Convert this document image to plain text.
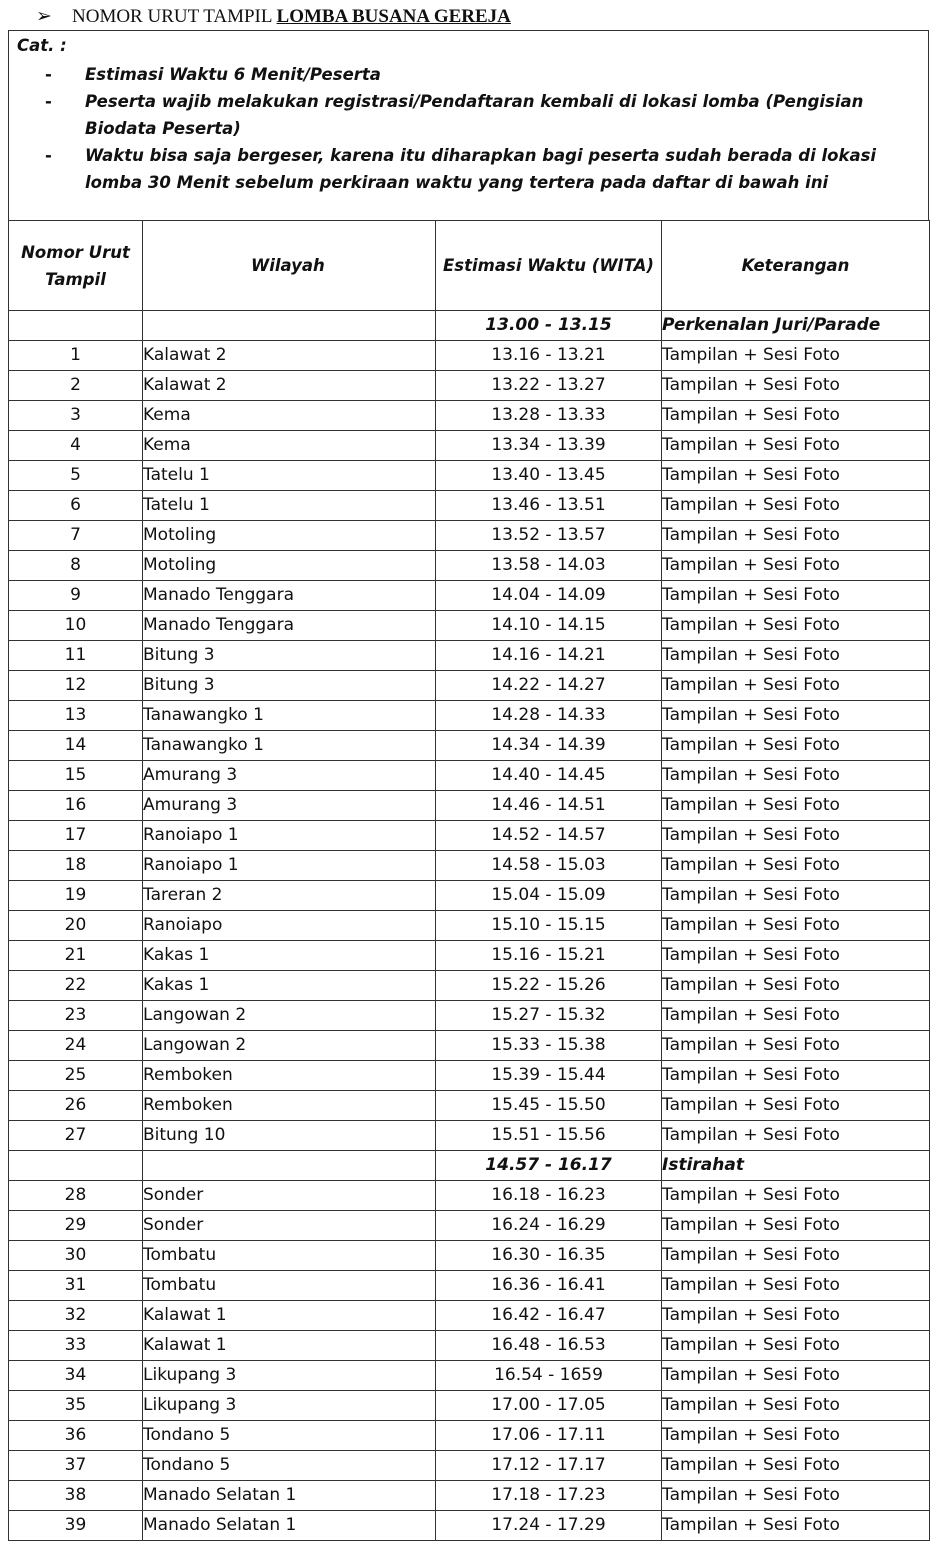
➢ NOMOR URUT TAMPIL LOMBA BUSANA GEREJA
Cat. :
- Estimasi Waktu 6 Menit/Peserta
- Peserta wajib melakukan registrasi/Pendaftaran kembali di lokasi lomba (Pengisian Biodata Peserta)
- Waktu bisa saja bergeser, karena itu diharapkan bagi peserta sudah berada di lokasi lomba 30 Menit sebelum perkiraan waktu yang tertera pada daftar di bawah ini
Nomor Urut Tampil	Wilayah	Estimasi Waktu (WITA)	Keterangan
		13.00 - 13.15	Perkenalan Juri/Parade
1	Kalawat 2	13.16 - 13.21	Tampilan + Sesi Foto
2	Kalawat 2	13.22 - 13.27	Tampilan + Sesi Foto
3	Kema	13.28 - 13.33	Tampilan + Sesi Foto
4	Kema	13.34 - 13.39	Tampilan + Sesi Foto
5	Tatelu 1	13.40 - 13.45	Tampilan + Sesi Foto
6	Tatelu 1	13.46 - 13.51	Tampilan + Sesi Foto
7	Motoling	13.52 - 13.57	Tampilan + Sesi Foto
8	Motoling	13.58 - 14.03	Tampilan + Sesi Foto
9	Manado Tenggara	14.04 - 14.09	Tampilan + Sesi Foto
10	Manado Tenggara	14.10 - 14.15	Tampilan + Sesi Foto
11	Bitung 3	14.16 - 14.21	Tampilan + Sesi Foto
12	Bitung 3	14.22 - 14.27	Tampilan + Sesi Foto
13	Tanawangko 1	14.28 - 14.33	Tampilan + Sesi Foto
14	Tanawangko 1	14.34 - 14.39	Tampilan + Sesi Foto
15	Amurang 3	14.40 - 14.45	Tampilan + Sesi Foto
16	Amurang 3	14.46 - 14.51	Tampilan + Sesi Foto
17	Ranoiapo 1	14.52 - 14.57	Tampilan + Sesi Foto
18	Ranoiapo 1	14.58 - 15.03	Tampilan + Sesi Foto
19	Tareran 2	15.04 - 15.09	Tampilan + Sesi Foto
20	Ranoiapo	15.10 - 15.15	Tampilan + Sesi Foto
21	Kakas 1	15.16 - 15.21	Tampilan + Sesi Foto
22	Kakas 1	15.22 - 15.26	Tampilan + Sesi Foto
23	Langowan 2	15.27 - 15.32	Tampilan + Sesi Foto
24	Langowan 2	15.33 - 15.38	Tampilan + Sesi Foto
25	Remboken	15.39 - 15.44	Tampilan + Sesi Foto
26	Remboken	15.45 - 15.50	Tampilan + Sesi Foto
27	Bitung 10	15.51 - 15.56	Tampilan + Sesi Foto
		14.57 - 16.17	Istirahat
28	Sonder	16.18 - 16.23	Tampilan + Sesi Foto
29	Sonder	16.24 - 16.29	Tampilan + Sesi Foto
30	Tombatu	16.30 - 16.35	Tampilan + Sesi Foto
31	Tombatu	16.36 - 16.41	Tampilan + Sesi Foto
32	Kalawat 1	16.42 - 16.47	Tampilan + Sesi Foto
33	Kalawat 1	16.48 - 16.53	Tampilan + Sesi Foto
34	Likupang 3	16.54 - 1659	Tampilan + Sesi Foto
35	Likupang 3	17.00 - 17.05	Tampilan + Sesi Foto
36	Tondano 5	17.06 - 17.11	Tampilan + Sesi Foto
37	Tondano 5	17.12 - 17.17	Tampilan + Sesi Foto
38	Manado Selatan 1	17.18 - 17.23	Tampilan + Sesi Foto
39	Manado Selatan 1	17.24 - 17.29	Tampilan + Sesi Foto
